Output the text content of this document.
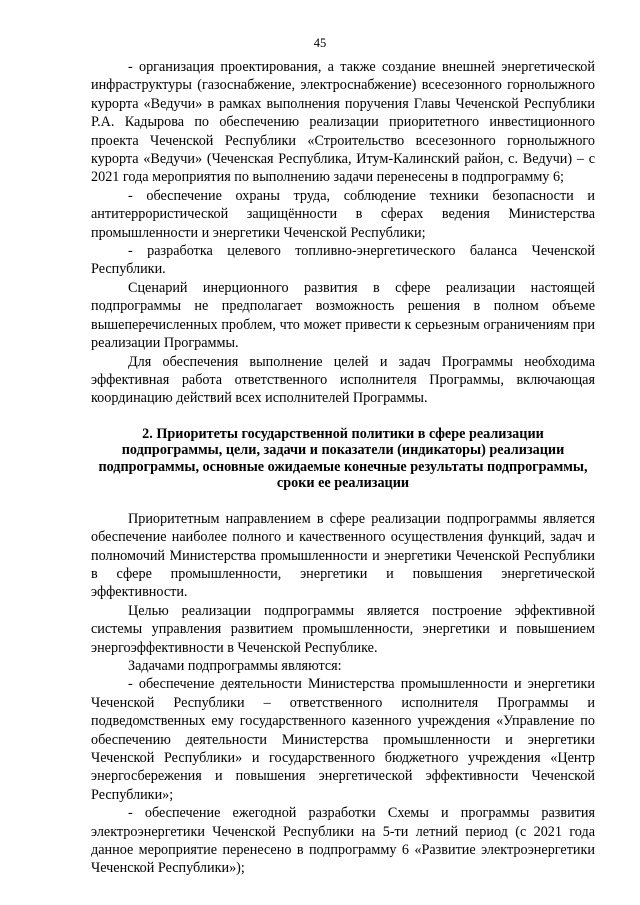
45

- организация проектирования, а также создание внешней энергетической инфраструктуры (газоснабжение, электроснабжение) всесезонного горнолыжного курорта «Ведучи» в рамках выполнения поручения Главы Чеченской Республики Р.А. Кадырова по обеспечению реализации приоритетного инвестиционного проекта Чеченской Республики «Строительство всесезонного горнолыжного курорта «Ведучи» (Чеченская Республика, Итум-Калинский район, с. Ведучи) – с 2021 года мероприятия по выполнению задачи перенесены в подпрограмму 6;

- обеспечение охраны труда, соблюдение техники безопасности и антитеррористической защищённости в сферах ведения Министерства промышленности и энергетики Чеченской Республики;

- разработка целевого топливно-энергетического баланса Чеченской Республики.

Сценарий инерционного развития в сфере реализации настоящей подпрограммы не предполагает возможность решения в полном объеме вышеперечисленных проблем, что может привести к серьезным ограничениям при реализации Программы.

Для обеспечения выполнение целей и задач Программы необходима эффективная работа ответственного исполнителя Программы, включающая координацию действий всех исполнителей Программы.

2. Приоритеты государственной политики в сфере реализации подпрограммы, цели, задачи и показатели (индикаторы) реализации подпрограммы, основные ожидаемые конечные результаты подпрограммы, сроки ее реализации

Приоритетным направлением в сфере реализации подпрограммы является обеспечение наиболее полного и качественного осуществления функций, задач и полномочий Министерства промышленности и энергетики Чеченской Республики в сфере промышленности, энергетики и повышения энергетической эффективности.

Целью реализации подпрограммы является построение эффективной системы управления развитием промышленности, энергетики и повышением энергоэффективности в Чеченской Республике.

Задачами подпрограммы являются:

- обеспечение деятельности Министерства промышленности и энергетики Чеченской Республики – ответственного исполнителя Программы и подведомственных ему государственного казенного учреждения «Управление по обеспечению деятельности Министерства промышленности и энергетики Чеченской Республики» и государственного бюджетного учреждения «Центр энергосбережения и повышения энергетической эффективности Чеченской Республики»;

- обеспечение ежегодной разработки Схемы и программы развития электроэнергетики Чеченской Республики на 5-ти летний период (с 2021 года данное мероприятие перенесено в подпрограмму 6 «Развитие электроэнергетики Чеченской Республики»);
